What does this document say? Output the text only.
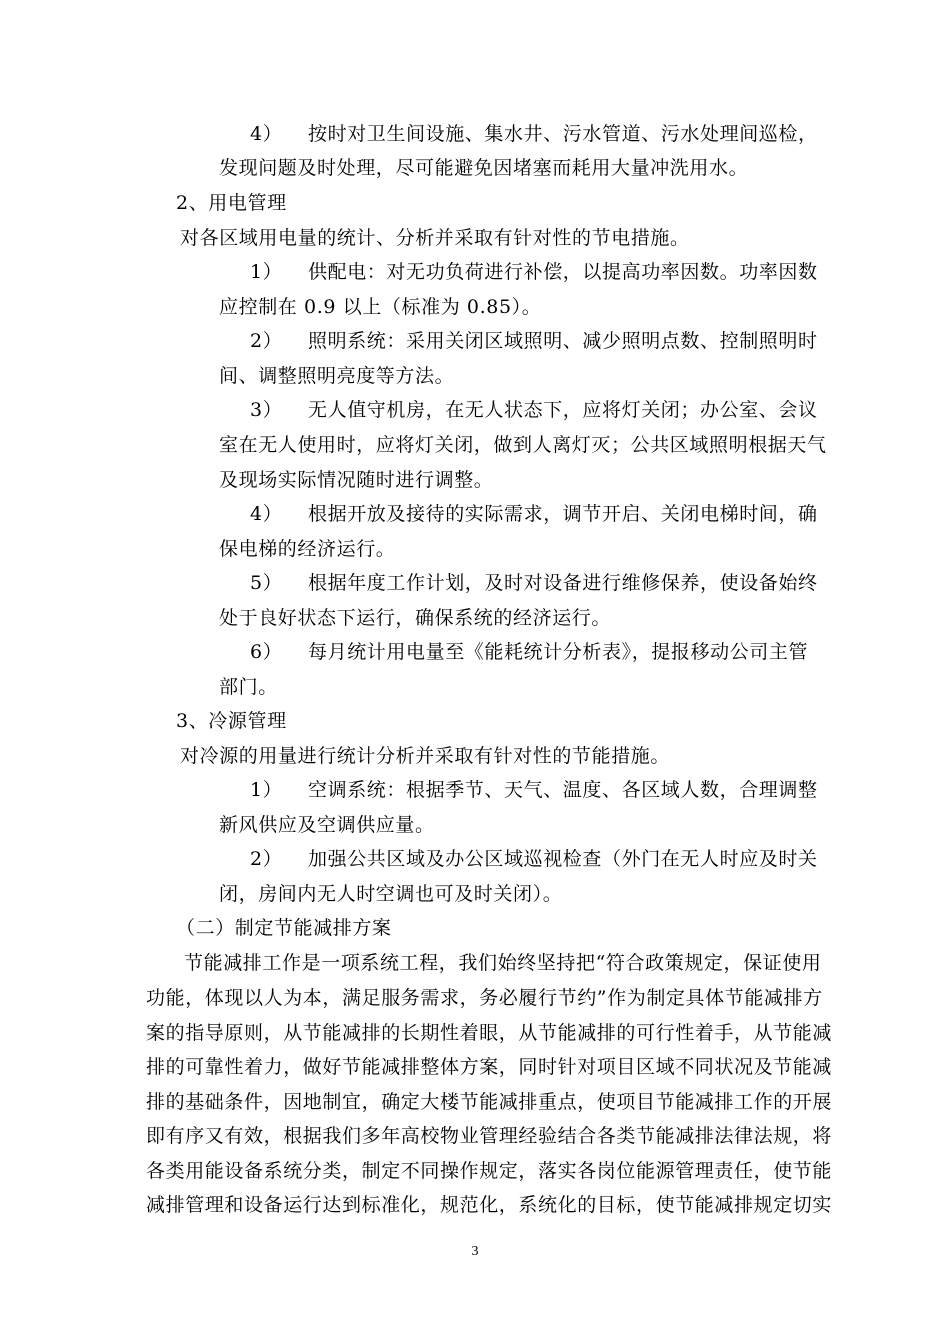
4） 按时对卫生间设施、集水井、污水管道、污水处理间巡检，
发现问题及时处理，尽可能避免因堵塞而耗用大量冲洗用水。
2、用电管理
对各区域用电量的统计、分析并采取有针对性的节电措施。
1） 供配电：对无功负荷进行补偿，以提高功率因数。功率因数
应控制在 0.9 以上（标准为 0.85）。
2） 照明系统：采用关闭区域照明、减少照明点数、控制照明时
间、调整照明亮度等方法。
3） 无人值守机房，在无人状态下，应将灯关闭；办公室、会议
室在无人使用时，应将灯关闭，做到人离灯灭；公共区域照明根据天气
及现场实际情况随时进行调整。
4） 根据开放及接待的实际需求，调节开启、关闭电梯时间，确
保电梯的经济运行。
5） 根据年度工作计划，及时对设备进行维修保养，使设备始终
处于良好状态下运行，确保系统的经济运行。
6） 每月统计用电量至《能耗统计分析表》，提报移动公司主管
部门。
3、冷源管理
对冷源的用量进行统计分析并采取有针对性的节能措施。
1） 空调系统：根据季节、天气、温度、各区域人数，合理调整
新风供应及空调供应量。
2） 加强公共区域及办公区域巡视检查（外门在无人时应及时关
闭，房间内无人时空调也可及时关闭）。
（二）制定节能减排方案
节能减排工作是一项系统工程，我们始终坚持把“符合政策规定，保证使用
功能，体现以人为本，满足服务需求，务必履行节约”作为制定具体节能减排方
案的指导原则，从节能减排的长期性着眼，从节能减排的可行性着手，从节能减
排的可靠性着力，做好节能减排整体方案，同时针对项目区域不同状况及节能减
排的基础条件，因地制宜，确定大楼节能减排重点，使项目节能减排工作的开展
即有序又有效，根据我们多年高校物业管理经验结合各类节能减排法律法规，将
各类用能设备系统分类，制定不同操作规定，落实各岗位能源管理责任，使节能
减排管理和设备运行达到标准化，规范化，系统化的目标，使节能减排规定切实
3
